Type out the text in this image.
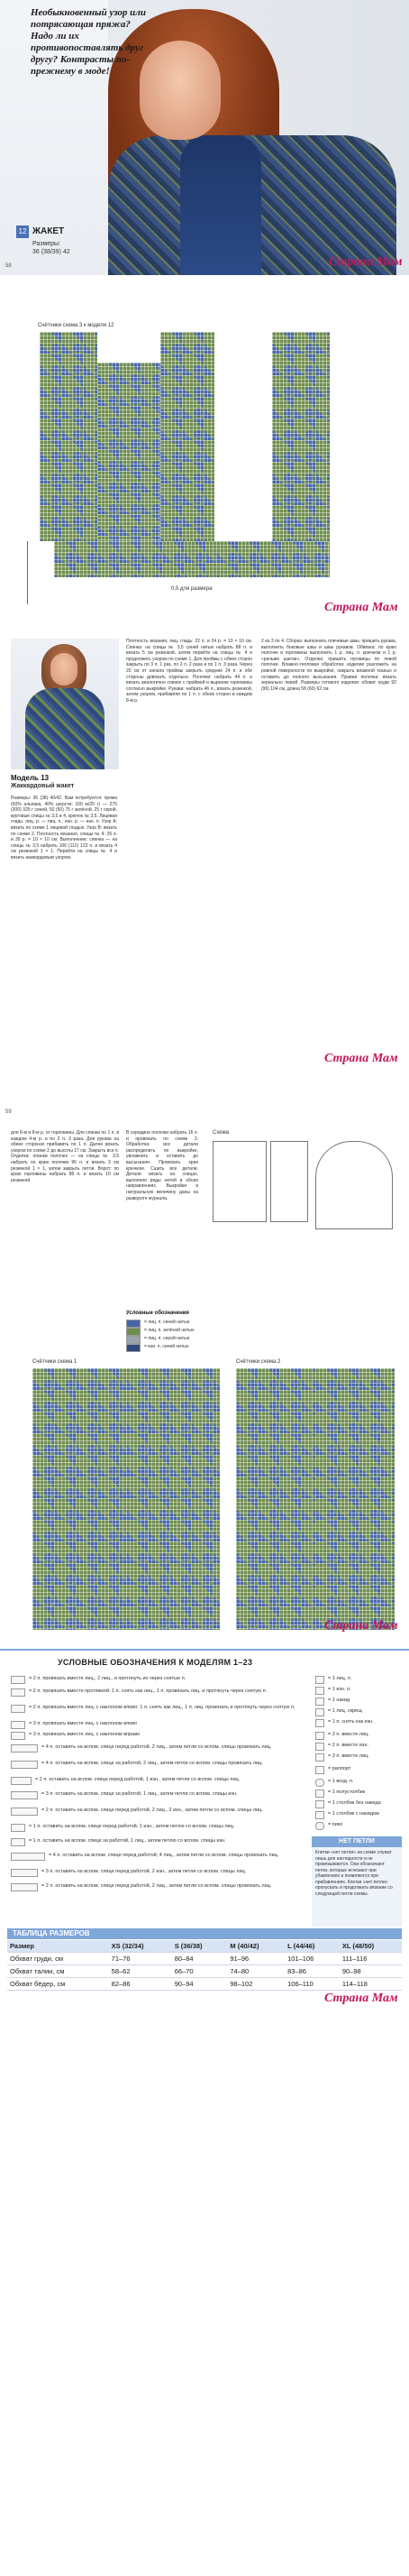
Необыкновенный узор или потрясающая пряжа? Надо ли их противопоставлять друг другу? Контрасты по-прежнему в моде!
12 ЖАКЕТ
Размеры:
36 (38/39) 42
58	Страна Мам
Счётчики схема 3 к модели 12
0,5 для размера
Страна Мам
Модель 13
Жаккардовый жакет
Размеры: 36 (38) 40/42. Вам потребуется: пряжа (60% альпака, 40% шерсти; 100 м/25 г) — 275 (300) 325 г синей, 50 (50) 75 г зелёной, 25 г серой, круговые спицы № 3,5 и 4, крючок № 3,5. Лицевая гладь: лиц. р. — лиц. п., изн. р. — изн. п. Узор A: вязать по схеме 1 лицевой гладью. Узор B: вязать по схеме 2. Плотность вязания, спицы № 4: 25 п. и 30 р. = 10 × 10 см. Выполнение: спинка — на спицы № 3,5 набрать 106 (112) 122 п. и вязать 4 см резинкой 1 × 1. Перейти на спицы № 4 и вязать жаккардовым узором.
Плотность вязания, лиц. гладь: 22 п. и 24 р. = 10 × 10 см. Спинка: на спицы № 3,5 синей нитью набрать 88 п. и вязать 5 см резинкой, затем перейти на спицы № 4 и продолжить узором по схеме 1. Для проймы с обеих сторон закрыть по 3 п. 1 раз, по 2 п. 2 раза и по 1 п. 3 раза. Через 20 см от начала проймы закрыть средние 24 п. и обе стороны довязать отдельно. Полочки: набрать 44 п. и вязать аналогично спинке с проймой и вырезом горловины согласно выкройке. Рукава: набрать 46 п., вязать резинкой, затем узором, прибавляя по 1 п. с обеих сторон в каждом 8-м р.
2 из 3 по 4. Сборка: выполнить плечевые швы, пришить рукава, выполнить боковые швы и швы рукавов. Обвязка: по краю полочек и горловины выполнить 1 р. лиц. п. крючком и 1 р. «рачьим шагом». Отделка: пришить пуговицы по левой полочке. Влажно-тепловая обработка: изделие разложить на ровной поверхности по выкройке, накрыть влажной тканью и оставить до полного высыхания. Правая полочка: вязать зеркально левой. Размеры готового изделия: обхват груди 92 (96) 104 см, длина 58 (60) 62 см.
59
Страна Мам
для 8-м и 8-м р. от горловины. Для спинки по 1 п. в каждом 4-м р. и по 2 п. 3 раза. Для рукава на обеих сторонах прибавить по 1 п. Далее вязать узором по схеме 2 до высоты 17 см. Закрыть все п. Отделка: планки полочек — на спицы № 3,5 набрать по краю полочки 96 п. и вязать 3 см резинкой 1 × 1, затем закрыть петли. Ворот: по краю горловины набрать 88 п. и вязать 10 см резинкой.
В середине полочки набрать 16 п. и провязать по схеме 3. Обработка: все детали распределить по выкройке, увлажнить и оставить до высыхания. Провязать края крючком. Сшить все детали. Детали вязать на спицах, выполняя ряды нитей в обоих направлениях. Выкройки в натуральную величину даны на развороте журнала.
Схема
Условные обозначения
= лиц. п. синей нитью
= лиц. п. зелёной нитью
= лиц. п. серой нитью
= изн. п. синей нитью
Счётчики схема 1	Счётчики схема 2
Страна Мам
УСЛОВНЫЕ ОБОЗНАЧЕНИЯ К МОДЕЛЯМ 1–23
= 2 п. провязать вместе лиц., 2 лиц., и протянуть их через снятые п.
= 2 п. провязать вместе протяжкой: 1 п. снять как лиц., 1 п. провязать лиц. и протянуть через снятую п.
= 2 п. провязать вместе лиц. с наклоном влево: 1 п. снять как лиц., 1 п. лиц. провязать и протянуть через снятую п.
= 3 п. провязать вместе лиц. с наклоном влево
= 3 п. провязать вместе лиц. с наклоном вправо
= 4 п. оставить на вспом. спице перед работой, 2 лиц., затем петли со вспом. спицы провязать лиц.
= 4 п. оставить на вспом. спице за работой, 2 лиц., затем петли со вспом. спицы провязать лиц.
= 2 п. оставить на вспом. спице перед работой, 1 изн., затем петли со вспом. спицы лиц.
= 3 п. оставить на вспом. спице за работой, 1 лиц., затем петли со вспом. спицы изн.
= 2 п. оставить на вспом. спице перед работой, 2 лиц., 2 изн., затем петли со вспом. спицы лиц.
= 1 п. оставить на вспом. спице перед работой, 1 изн., затем петлю со вспом. спицы лиц.
= 1 п. оставить на вспом. спице за работой, 1 лиц., затем петлю со вспом. спицы изн.
= 4 п. оставить на вспом. спице перед работой, 4 лиц., затем петли со вспом. спицы провязать лиц.
= 3 п. оставить на вспом. спице перед работой, 2 изн., затем петли со вспом. спицы лиц.
= 2 п. оставить на вспом. спице перед работой, 2 лиц., затем петли со вспом. спицы провязать лиц.
= 1 лиц. п.
= 1 изн. п.
= 1 накид
= 1 лиц. скрещ.
= 1 п. снять как изн.
= 2 п. вместе лиц.
= 2 п. вместе изн.
= 3 п. вместе лиц.
= раппорт
= 1 возд. п.
= 1 полустолбик
= 1 столбик без накида
= 1 столбик с накидом
= пико
НЕТ ПЕТЛИ
Клетки «нет петли» на схеме служат лишь для наглядности и не провязываются. Они обозначают петли, которые исчезают при убавлениях и появляются при прибавлениях. Клетки «нет петли» пропускать и продолжать вязание со следующей петли схемы.
ТАБЛИЦА РАЗМЕРОВ
Размер	XS (32/34)	S (36/38)	M (40/42)	L (44/46)	XL (48/50)
Обхват груди, см	71–76	80–84	91–96	101–106	111–116
Обхват талии, см	58–62	66–70	74–80	83–86	90–98
Обхват бёдер, см	82–86	90–94	98–102	106–110	114–118
Страна Мам
